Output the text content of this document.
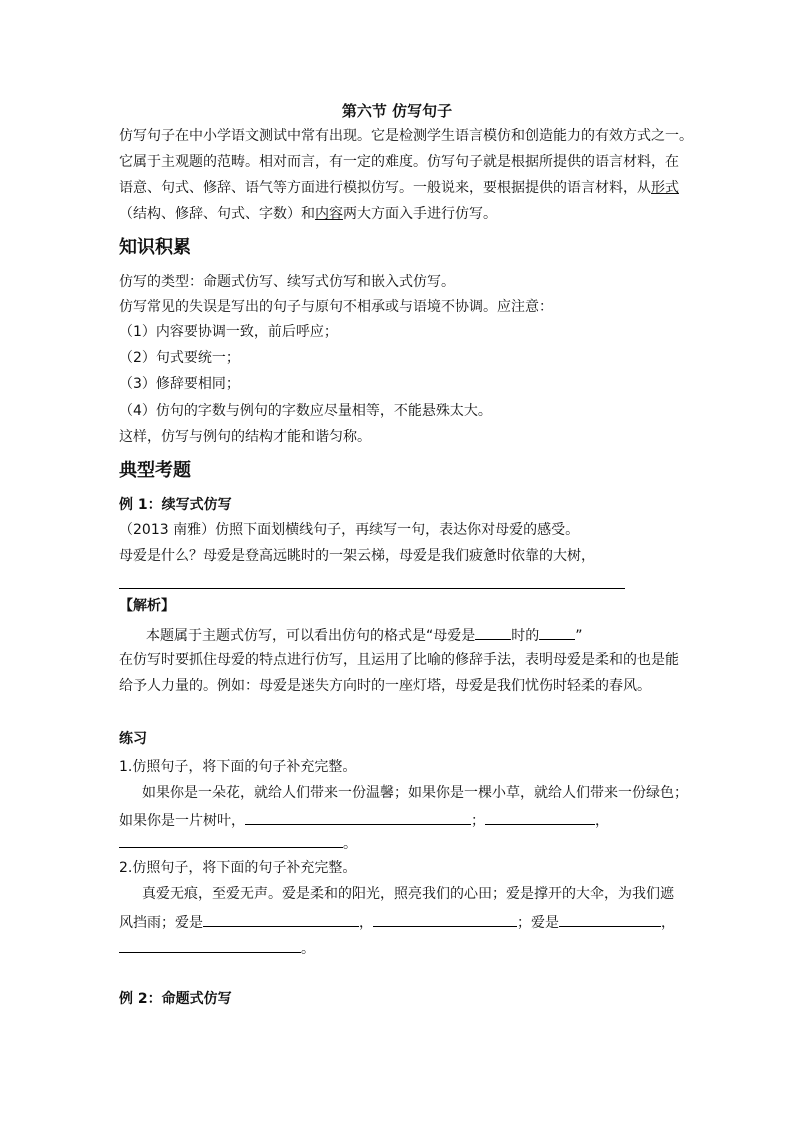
第六节 仿写句子
仿写句子在中小学语文测试中常有出现。它是检测学生语言模仿和创造能力的有效方式之一。
它属于主观题的范畴。相对而言，有一定的难度。仿写句子就是根据所提供的语言材料，在
语意、句式、修辞、语气等方面进行模拟仿写。一般说来，要根据提供的语言材料，从形式
（结构、修辞、句式、字数）和内容两大方面入手进行仿写。
知识积累
仿写的类型：命题式仿写、续写式仿写和嵌入式仿写。
仿写常见的失误是写出的句子与原句不相承或与语境不协调。应注意：
（1）内容要协调一致，前后呼应；
（2）句式要统一；
（3）修辞要相同；
（4）仿句的字数与例句的字数应尽量相等，不能悬殊太大。
这样，仿写与例句的结构才能和谐匀称。
典型考题
例 1：续写式仿写
（2013 南雅）仿照下面划横线句子，再续写一句，表达你对母爱的感受。
母爱是什么？母爱是登高远眺时的一架云梯，母爱是我们疲惫时依靠的大树，
【解析】
本题属于主题式仿写，可以看出仿句的格式是“母爱是	时的	”
在仿写时要抓住母爱的特点进行仿写，且运用了比喻的修辞手法，表明母爱是柔和的也是能
给予人力量的。例如：母爱是迷失方向时的一座灯塔，母爱是我们忧伤时轻柔的春风。
练习
1.仿照句子，将下面的句子补充完整。
如果你是一朵花，就给人们带来一份温馨；如果你是一棵小草，就给人们带来一份绿色；
如果你是一片树叶，	；	，
。
2.仿照句子，将下面的句子补充完整。
真爱无痕，至爱无声。爱是柔和的阳光，照亮我们的心田；爱是撑开的大伞，为我们遮
风挡雨；爱是	，	；爱是	，
。
例 2：命题式仿写
